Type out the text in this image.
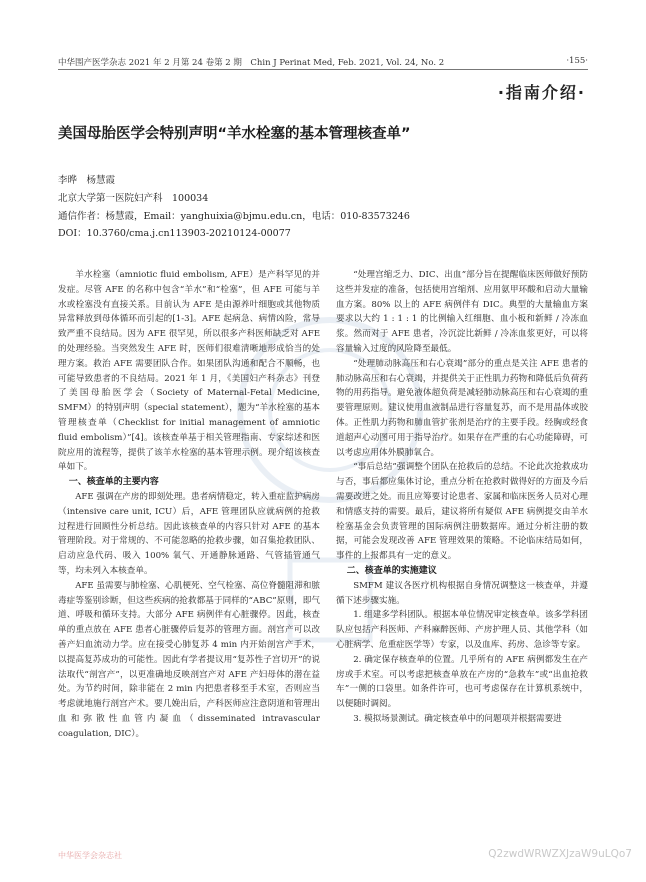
中华围产医学杂志 2021 年 2 月第 24 卷第 2 期　Chin J Perinat Med, Feb. 2021, Vol. 24, No. 2	·155·
·指南介绍·
美国母胎医学会特别声明“羊水栓塞的基本管理核查单”
李晔　杨慧霞
北京大学第一医院妇产科　100034
通信作者：杨慧霞，Email：yanghuixia@bjmu.edu.cn，电话：010-83573246
DOI：10.3760/cma.j.cn113903-20210124-00077

羊水栓塞（amniotic fluid embolism, AFE）是产科罕见的并发症。尽管 AFE 的名称中包含“羊水”和“栓塞”，但 AFE 可能与羊水或栓塞没有直接关系。目前认为 AFE 是由源养叶细胞或其他物质异常释放到母体循环而引起的[1-3]。AFE 起病急、病情凶险，常导致严重不良结局。因为 AFE 很罕见，所以很多产科医师缺乏对 AFE 的处理经验。当突然发生 AFE 时，医师们很难清晰地形成恰当的处理方案。救治 AFE 需要团队合作。如果团队沟通和配合不顺畅，也可能导致患者的不良结局。2021 年 1 月，《美国妇产科杂志》刊登了美国母胎医学会（Society of Maternal-Fetal Medicine, SMFM）的特别声明（special statement），题为“羊水栓塞的基本管理核查单（Checklist for initial management of amniotic fluid embolism）”[4]。该核查单基于相关管理指南、专家综述和医院应用的流程等，提供了该羊水栓塞的基本管理示例。现介绍该核查单如下。

一、核查单的主要内容

AFE 强调在产房的即刻处理。患者病情稳定，转入重症监护病房（intensive care unit, ICU）后，AFE 管理团队应就病例的抢救过程进行回顾性分析总结。因此该核查单的内容只针对 AFE 的基本管理阶段。对于常规的、不可能忽略的抢救步骤，如召集抢救团队、启动应急代码、吸入 100% 氧气、开通静脉通路、气管插管通气等，均未列入本核查单。

AFE 虽需要与肺栓塞、心肌梗死、空气栓塞、高位脊髓阻滞和脓毒症等鉴别诊断，但这些疾病的抢救都基于同样的“ABC”原则，即气道、呼吸和循环支持。大部分 AFE 病例伴有心脏骤停。因此，核查单的重点放在 AFE 患者心脏骤停后复苏的管理方面。剖宫产可以改善产妇血流动力学。应在接受心肺复苏 4 min 内开始剖宫产手术，以提高复苏成功的可能性。因此有学者提议用“复苏性子宫切开”的说法取代“剖宫产”，以更准确地反映剖宫产对 AFE 产妇母体的潜在益处。为节约时间，除非能在 2 min 内把患者移至手术室，否则应当考虑就地施行剖宫产术。要几娩出后，产科医师应注意阴道和管理出血和弥散性血管内凝血（disseminated intravascular coagulation, DIC）。

“处理宫缩乏力、DIC、出血”部分旨在提醒临床医师做好预防这些并发症的准备，包括使用宫缩剂、应用氨甲环酸和启动大量输血方案。80% 以上的 AFE 病例伴有 DIC。典型的大量输血方案要求以大约 1 : 1 : 1 的比例输入红细胞、血小板和新鲜 / 冷冻血浆。然而对于 AFE 患者，冷沉淀比新鲜 / 冷冻血浆更好，可以将容量输入过度的风险降至最低。

“处理肺动脉高压和右心衰竭”部分的重点是关注 AFE 患者的肺动脉高压和右心衰竭，并提供关于正性肌力药物和降低后负荷药物的用药指导。避免液体超负荷是减轻肺动脉高压和右心衰竭的重要管理原则。建议使用血液制品进行容量复苏，而不是用晶体或胶体。正性肌力药物和肺血管扩张剂是治疗的主要手段。经胸或经食道超声心动图可用于指导治疗。如果存在严重的右心功能障碍，可以考虑应用体外膜肺氧合。

“事后总结”强调整个团队在抢救后的总结。不论此次抢救成功与否，事后都应集体讨论，重点分析在抢救时做得好的方面及今后需要改进之处。而且应筹要讨论患者、家属和临床医务人员对心理和情感支持的需要。最后，建议将所有疑似 AFE 病例提交由羊水栓塞基金会负责管理的国际病例注册数据库。通过分析注册的数据，可能会发现改善 AFE 管理效果的策略。不论临床结局如何，事件的上报都具有一定的意义。

二、核查单的实施建议

SMFM 建议各医疗机构根据自身情况调整这一核查单，并遵循下述步骤实施。

1. 组建多学科团队。根据本单位情况审定核查单。该多学科团队应包括产科医师、产科麻醉医师、产房护理人员、其他学科（如心脏病学、危重症医学等）专家，以及血库、药房、急诊等专家。

2. 确定保存核查单的位置。几乎所有的 AFE 病例都发生在产房或手术室。可以考虑把核查单放在产房的“急救车”或“出血抢救车”一侧的口袋里。如条件许可，也可考虑保存在计算机系统中，以便随时调阅。

3. 模拟场景测试。确定核查单中的问题项并根据需要进

中华医学会杂志社	Q2zwdWRWZXJzaW9uLQo7
